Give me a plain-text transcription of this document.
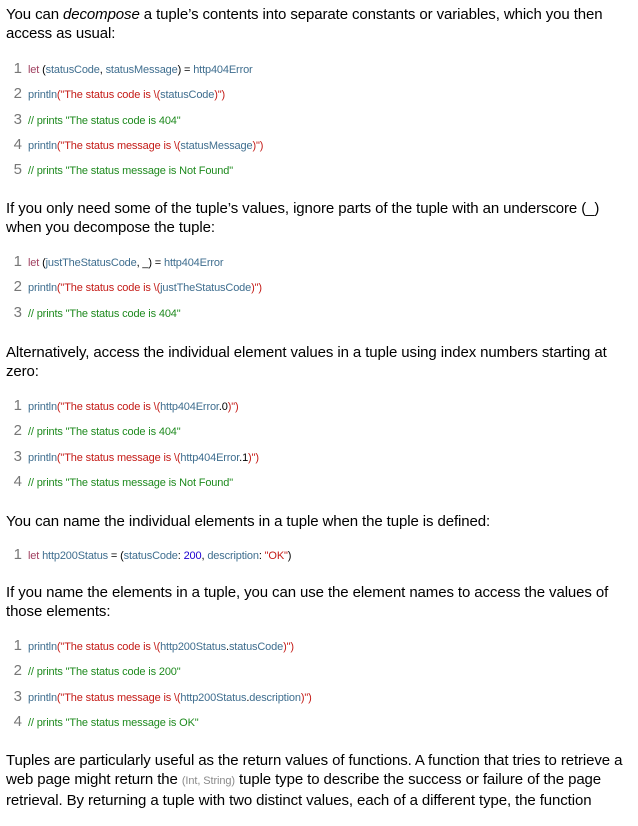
You can decompose a tuple’s contents into separate constants or variables, which you then access as usual:

1 let (statusCode, statusMessage) = http404Error
2 println("The status code is \(statusCode)")
3 // prints "The status code is 404"
4 println("The status message is \(statusMessage)")
5 // prints "The status message is Not Found"

If you only need some of the tuple’s values, ignore parts of the tuple with an underscore (_) when you decompose the tuple:

1 let (justTheStatusCode, _) = http404Error
2 println("The status code is \(justTheStatusCode)")
3 // prints "The status code is 404"

Alternatively, access the individual element values in a tuple using index numbers starting at zero:

1 println("The status code is \(http404Error.0)")
2 // prints "The status code is 404"
3 println("The status message is \(http404Error.1)")
4 // prints "The status message is Not Found"

You can name the individual elements in a tuple when the tuple is defined:

1 let http200Status = (statusCode: 200, description: "OK")

If you name the elements in a tuple, you can use the element names to access the values of those elements:

1 println("The status code is \(http200Status.statusCode)")
2 // prints "The status code is 200"
3 println("The status message is \(http200Status.description)")
4 // prints "The status message is OK"

Tuples are particularly useful as the return values of functions. A function that tries to retrieve a web page might return the (Int, String) tuple type to describe the success or failure of the page retrieval. By returning a tuple with two distinct values, each of a different type, the function
